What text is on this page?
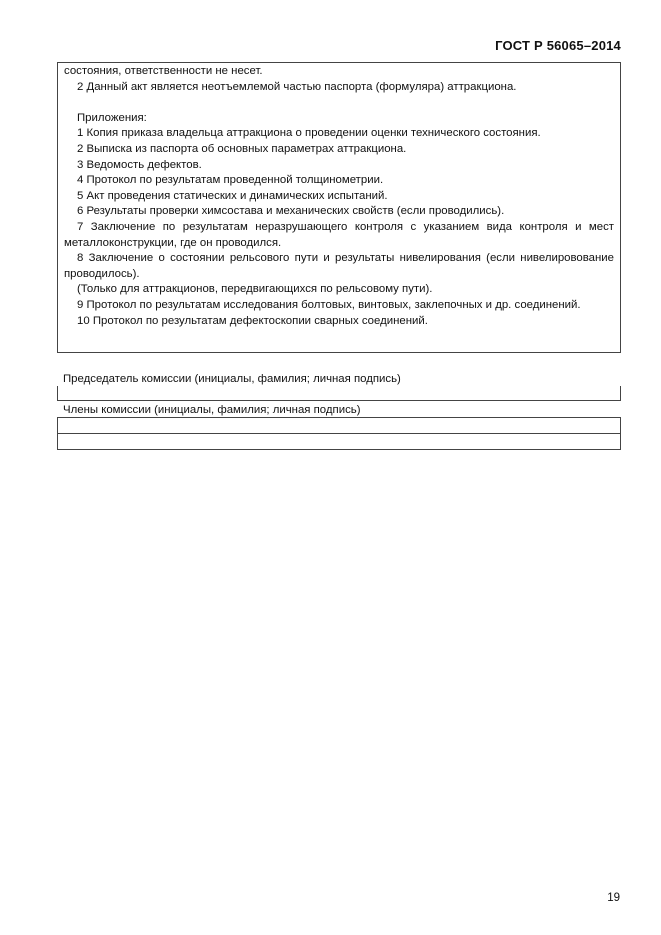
ГОСТ Р 56065–2014

состояния, ответственности не несет.

2 Данный акт является неотъемлемой частью паспорта (формуляра) аттракциона.

Приложения:

1 Копия приказа владельца аттракциона о проведении оценки технического состояния.

2 Выписка из паспорта об основных параметрах аттракциона.

3 Ведомость дефектов.

4 Протокол по результатам проведенной толщинометрии.

5 Акт проведения статических и динамических испытаний.

6 Результаты проверки химсостава и механических свойств (если проводились).

7 Заключение по результатам неразрушающего контроля с указанием вида контроля и мест металлоконструкции, где он проводился.

8 Заключение о состоянии рельсового пути и результаты нивелирования (если нивелировование проводилось).

(Только для аттракционов, передвигающихся по рельсовому пути).

9 Протокол по результатам исследования болтовых, винтовых, заклепочных и др. соединений.

10 Протокол по результатам дефектоскопии сварных соединений.

Председатель комиссии (инициалы, фамилия; личная подпись)
Члены комиссии (инициалы, фамилия; личная подпись)
19
